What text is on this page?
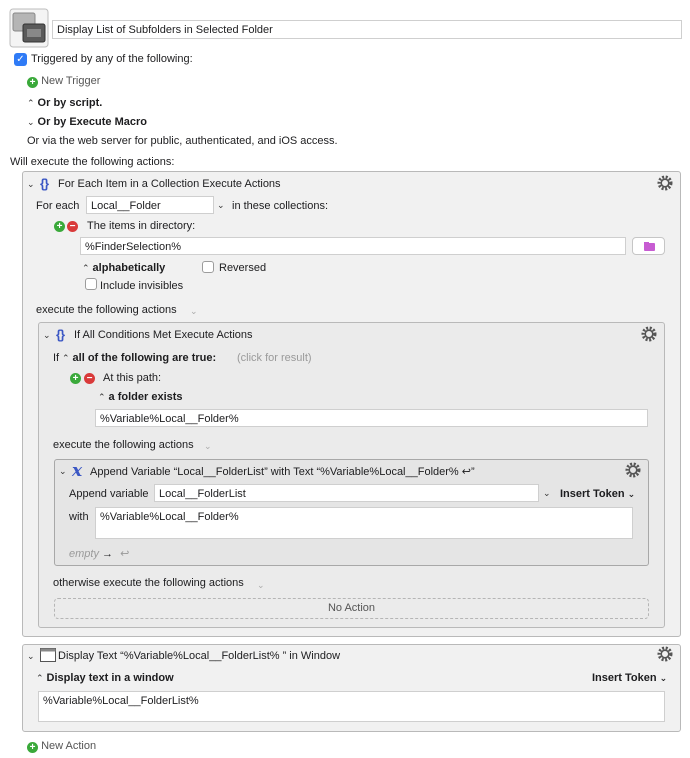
Display List of Subfolders in Selected Folder
✓ Triggered by any of the following:
+ New Trigger
⌃ Or by script.
⌄ Or by Execute Macro
Or via the web server for public, authenticated, and iOS access.
Will execute the following actions:
⌄ {} For Each Item in a Collection Execute Actions
For each	Local__Folder	⌄ in these collections:
+ − The items in directory:
%FinderSelection%
⌃ alphabetically	Reversed
Include invisibles
execute the following actions ⌄
⌄ {} If All Conditions Met Execute Actions
If ⌃ all of the following are true: (click for result)
+ − At this path:
⌃ a folder exists
%Variable%Local__Folder%
execute the following actions ⌄
⌄ x Append Variable “Local__FolderList” with Text “%Variable%Local__Folder% ↩”
Append variable Local__FolderList	⌄ Insert Token ⌄
with	%Variable%Local__Folder%
empty → ↩
otherwise execute the following actions ⌄
No Action
⌄ Display Text “%Variable%Local__FolderList% ” in Window
⌃ Display text in a window	Insert Token ⌄
%Variable%Local__FolderList%
+ New Action
